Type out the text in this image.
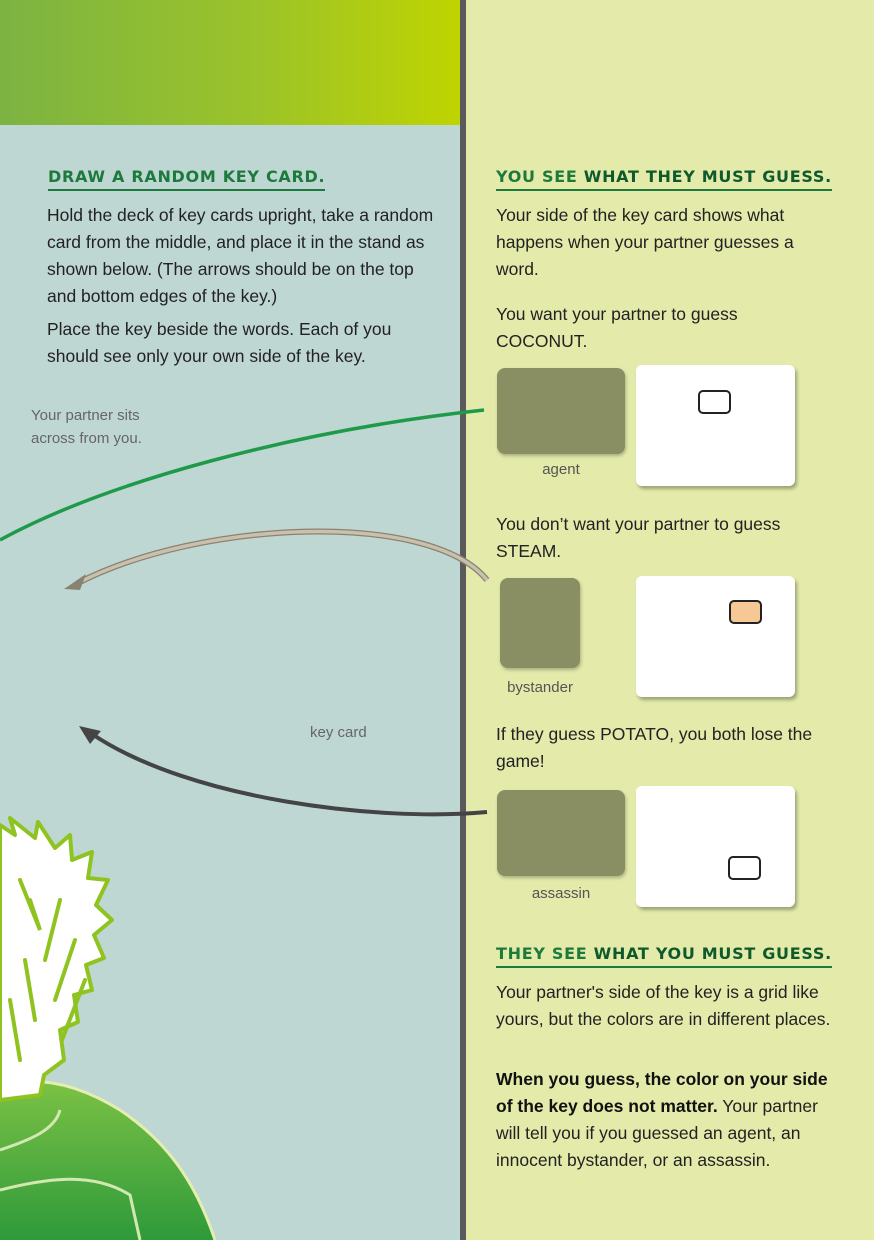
DRAW A RANDOM KEY CARD.
Hold the deck of key cards upright, take a random card from the middle, and place it in the stand as shown below. (The arrows should be on the top and bottom edges of the key.)
Place the key beside the words. Each of you should see only your own side of the key.
Your partner sits across from you.
key card
YOU SEE WHAT THEY MUST GUESS.
Your side of the key card shows what happens when your partner guesses a word.
You want your partner to guess COCONUT.
agent
You don’t want your partner to guess STEAM.
bystander
If they guess POTATO, you both lose the game!
assassin
THEY SEE WHAT YOU MUST GUESS.
Your partner's side of the key is a grid like yours, but the colors are in different places.
When you guess, the color on your side of the key does not matter. Your partner will tell you if you guessed an agent, an innocent bystander, or an assassin.
